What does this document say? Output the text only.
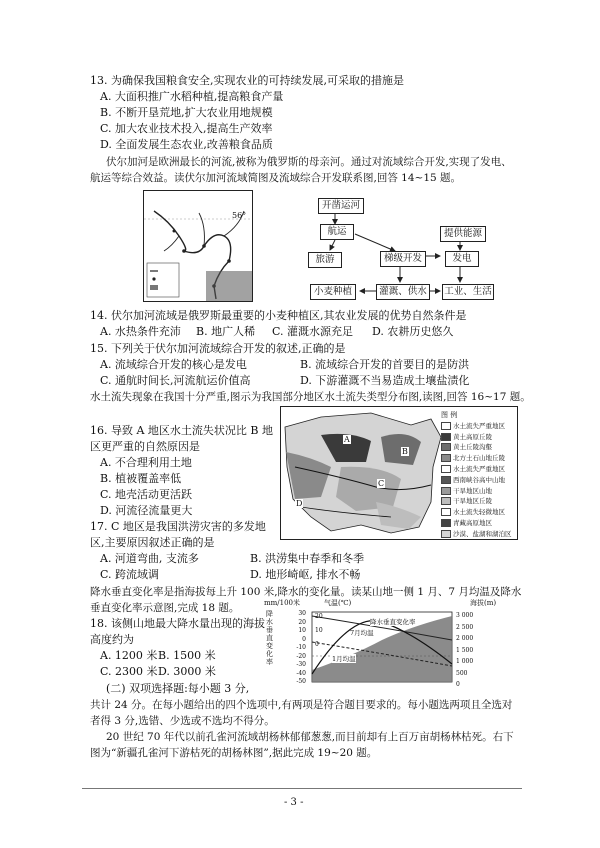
13. 为确保我国粮食安全,实现农业的可持续发展,可采取的措施是
A. 大面积推广水稻种植,提高粮食产量
B. 不断开垦荒地,扩大农业用地规模
C. 加大农业技术投入,提高生产效率
D. 全面发展生态农业,改善粮食品质
伏尔加河是欧洲最长的河流,被称为俄罗斯的母亲河。通过对流域综合开发,实现了发电、
航运等综合效益。读伏尔加河流域简图及流域综合开发联系图,回答 14~15 题。
56°
开凿运河
航运	提供能源
旅游	梯级开发	发电
小麦种植	灌溉、供水	工业、生活
14. 伏尔加河流域是俄罗斯最重要的小麦种植区,其农业发展的优势自然条件是
A. 水热条件充沛 B. 地广人稀 C. 灌溉水源充足 D. 农耕历史悠久
15. 下列关于伏尔加河流域综合开发的叙述,正确的是
A. 流域综合开发的核心是发电	B. 流域综合开发的首要目的是防洪
C. 通航时间长,河流航运价值高	D. 下游灌溉不当易造成土壤盐渍化
水土流失现象在我国十分严重,图示为我国部分地区水土流失类型分布图,读图,回答 16~17 题。
A
B
C
D
图 例
水土流失严重地区
黄土高原丘陵
黄土丘陵沟壑
北方土石山地丘陵
水土流失严重地区
西南峡谷高中山地
干旱地区山地
干旱地区丘陵
水土流失轻微地区
青藏高原地区
沙漠、盐湖和湖泊区
16. 导致 A 地区水土流失状况比 B 地
区更严重的自然原因是
A. 不合理利用土地
B. 植被覆盖率低
C. 地壳活动更活跃
D. 河流径流量更大
17. C 地区是我国洪涝灾害的多发地
区,主要原因叙述正确的是
A. 河道弯曲, 支流多	B. 洪涝集中春季和冬季
C. 跨流域调	D. 地形崎岖, 排水不畅
降水垂直变化率是指海拔每上升 100 米,降水的变化量。读某山地一侧 1 月、7 月均温及降水
垂直变化率示意图,完成 18 题。
18. 该侧山地最大降水量出现的海拔
高度约为
A. 1200 米 B. 1500 米
C. 2300 米 D. 3000 米
mm/100米	气温(℃)	海拔(m)
降水垂直变化率
30
20
10
0
-10
-20
-30
-40
-50
20
10
0
3 000
2 500
2 000
1 500
1 000
500
0
降水垂直变化率
7月均温
1月均温
(二) 双项选择题:每小题 3 分,
共计 24 分。在每小题给出的四个选项中,有两项是符合题目要求的。每小题选两项且全选对
者得 3 分,选错、少选或不选均不得分。
20 世纪 70 年代以前孔雀河流域胡杨林郁郁葱葱,而目前却有上百万亩胡杨林枯死。右下
图为“新疆孔雀河下游枯死的胡杨林图”,据此完成 19~20 题。
- 3 -
